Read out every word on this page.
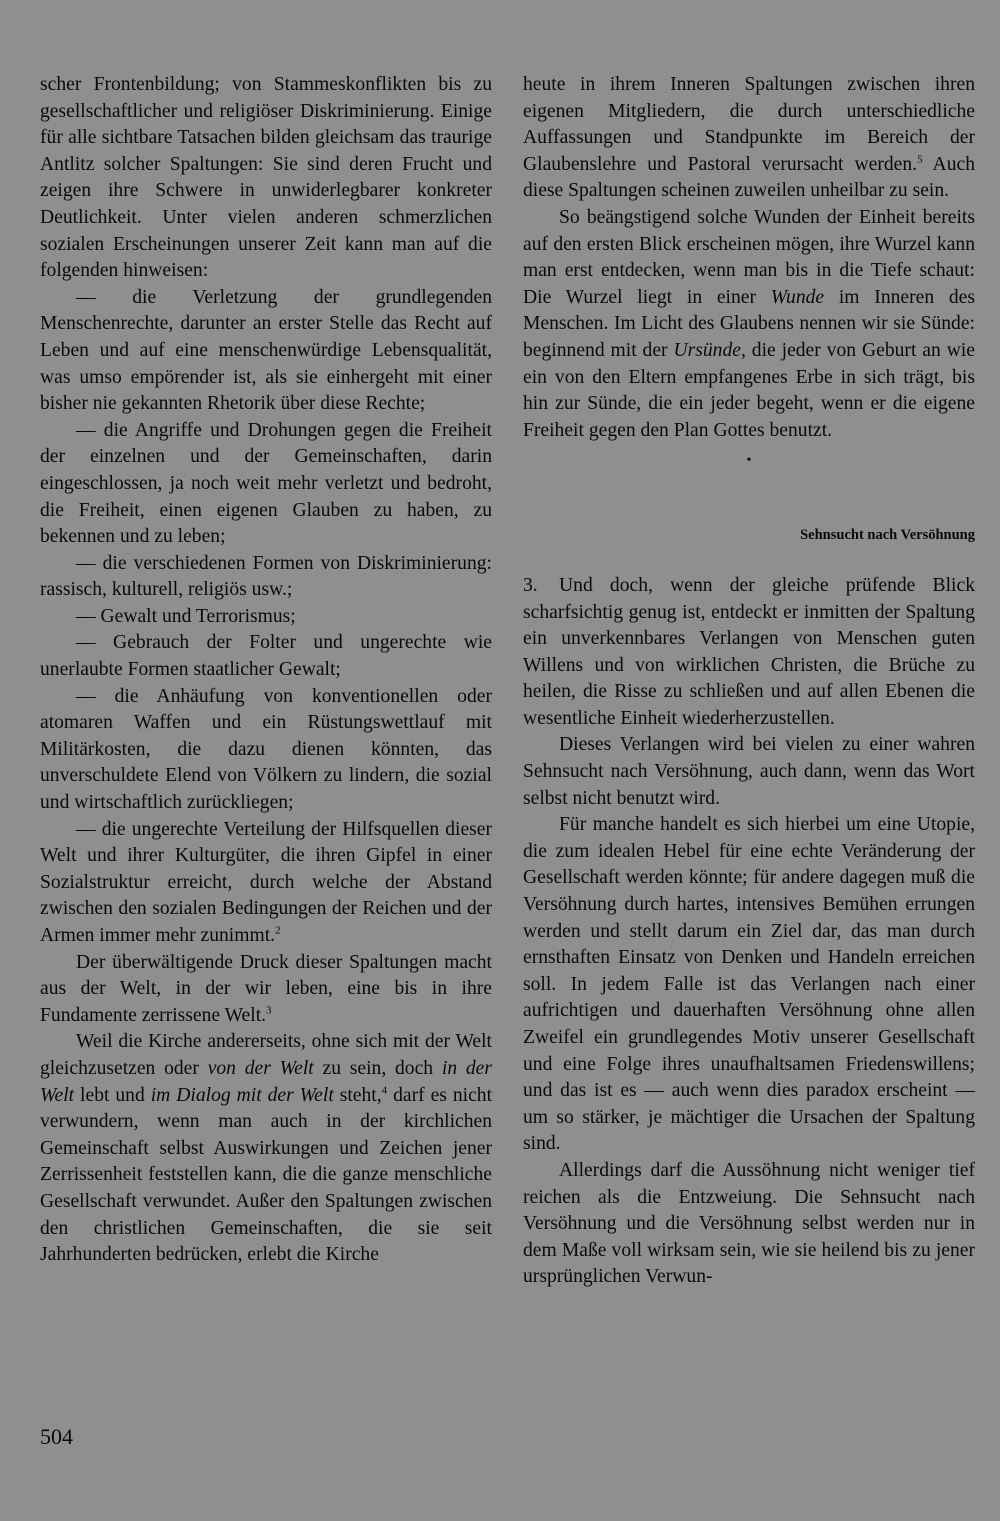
scher Frontenbildung; von Stammeskonflikten bis zu gesellschaftlicher und religiöser Diskriminierung. Einige für alle sichtbare Tatsachen bilden gleichsam das traurige Antlitz solcher Spaltungen: Sie sind deren Frucht und zeigen ihre Schwere in unwiderlegbarer konkreter Deutlichkeit. Unter vielen anderen schmerzlichen sozialen Erscheinungen unserer Zeit kann man auf die folgenden hinweisen:

— die Verletzung der grundlegenden Menschenrechte, darunter an erster Stelle das Recht auf Leben und auf eine menschenwürdige Lebensqualität, was umso empörender ist, als sie einhergeht mit einer bisher nie gekannten Rhetorik über diese Rechte;

— die Angriffe und Drohungen gegen die Freiheit der einzelnen und der Gemeinschaften, darin eingeschlossen, ja noch weit mehr verletzt und bedroht, die Freiheit, einen eigenen Glauben zu haben, zu bekennen und zu leben;

— die verschiedenen Formen von Diskriminierung: rassisch, kulturell, religiös usw.;

— Gewalt und Terrorismus;

— Gebrauch der Folter und ungerechte wie unerlaubte Formen staatlicher Gewalt;

— die Anhäufung von konventionellen oder atomaren Waffen und ein Rüstungswettlauf mit Militärkosten, die dazu dienen könnten, das unverschuldete Elend von Völkern zu lindern, die sozial und wirtschaftlich zurückliegen;

— die ungerechte Verteilung der Hilfsquellen dieser Welt und ihrer Kulturgüter, die ihren Gipfel in einer Sozialstruktur erreicht, durch welche der Abstand zwischen den sozialen Bedingungen der Reichen und der Armen immer mehr zunimmt.$^2$

Der überwältigende Druck dieser Spaltungen macht aus der Welt, in der wir leben, eine bis in ihre Fundamente zerrissene Welt.$^3$

Weil die Kirche andererseits, ohne sich mit der Welt gleichzusetzen oder von der Welt zu sein, doch in der Welt lebt und im Dialog mit der Welt steht,$^4$ darf es nicht verwundern, wenn man auch in der kirchlichen Gemeinschaft selbst Auswirkungen und Zeichen jener Zerrissenheit feststellen kann, die die ganze menschliche Gesellschaft verwundet. Außer den Spaltungen zwischen den christlichen Gemeinschaften, die sie seit Jahrhunderten bedrücken, erlebt die Kirche

heute in ihrem Inneren Spaltungen zwischen ihren eigenen Mitgliedern, die durch unterschiedliche Auffassungen und Standpunkte im Bereich der Glaubenslehre und Pastoral verursacht werden.$^5$ Auch diese Spaltungen scheinen zuweilen unheilbar zu sein.

So beängstigend solche Wunden der Einheit bereits auf den ersten Blick erscheinen mögen, ihre Wurzel kann man erst entdecken, wenn man bis in die Tiefe schaut: Die Wurzel liegt in einer Wunde im Inneren des Menschen. Im Licht des Glaubens nennen wir sie Sünde: beginnend mit der Ursünde, die jeder von Geburt an wie ein von den Eltern empfangenes Erbe in sich trägt, bis hin zur Sünde, die ein jeder begeht, wenn er die eigene Freiheit gegen den Plan Gottes benutzt.

•
Sehnsucht nach Versöhnung

3. Und doch, wenn der gleiche prüfende Blick scharfsichtig genug ist, entdeckt er inmitten der Spaltung ein unverkennbares Verlangen von Menschen guten Willens und von wirklichen Christen, die Brüche zu heilen, die Risse zu schließen und auf allen Ebenen die wesentliche Einheit wiederherzustellen.

Dieses Verlangen wird bei vielen zu einer wahren Sehnsucht nach Versöhnung, auch dann, wenn das Wort selbst nicht benutzt wird.

Für manche handelt es sich hierbei um eine Utopie, die zum idealen Hebel für eine echte Veränderung der Gesellschaft werden könnte; für andere dagegen muß die Versöhnung durch hartes, intensives Bemühen errungen werden und stellt darum ein Ziel dar, das man durch ernsthaften Einsatz von Denken und Handeln erreichen soll. In jedem Falle ist das Verlangen nach einer aufrichtigen und dauerhaften Versöhnung ohne allen Zweifel ein grundlegendes Motiv unserer Gesellschaft und eine Folge ihres unaufhaltsamen Friedenswillens; und das ist es — auch wenn dies paradox erscheint — um so stärker, je mächtiger die Ursachen der Spaltung sind.

Allerdings darf die Aussöhnung nicht weniger tief reichen als die Entzweiung. Die Sehnsucht nach Versöhnung und die Versöhnung selbst werden nur in dem Maße voll wirksam sein, wie sie heilend bis zu jener ursprünglichen Verwun-

504
